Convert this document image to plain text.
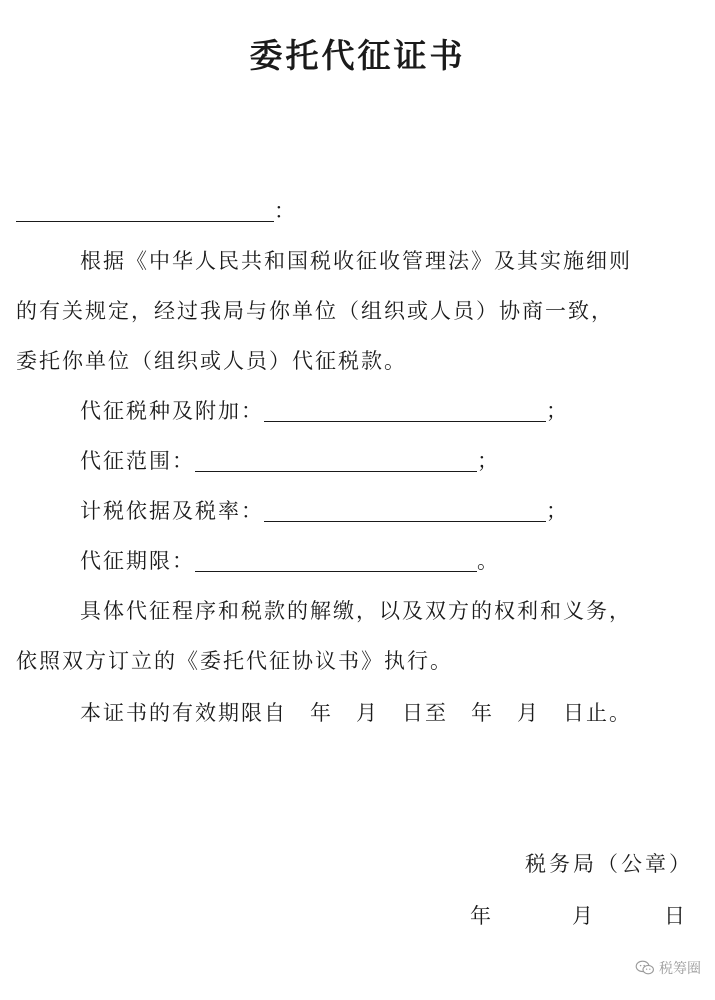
委托代征证书
：
根据《中华人民共和国税收征收管理法》及其实施细则
的有关规定，经过我局与你单位（组织或人员）协商一致，
委托你单位（组织或人员）代征税款。
代征税种及附加：	；
代征范围：	；
计税依据及税率：	；
代征期限：	。
具体代征程序和税款的解缴，以及双方的权利和义务，
依照双方订立的《委托代征协议书》执行。
本证书的有效期限自　年　月　日至　年　月　日止。
税务局（公章）
年	月	日
税筹圈
